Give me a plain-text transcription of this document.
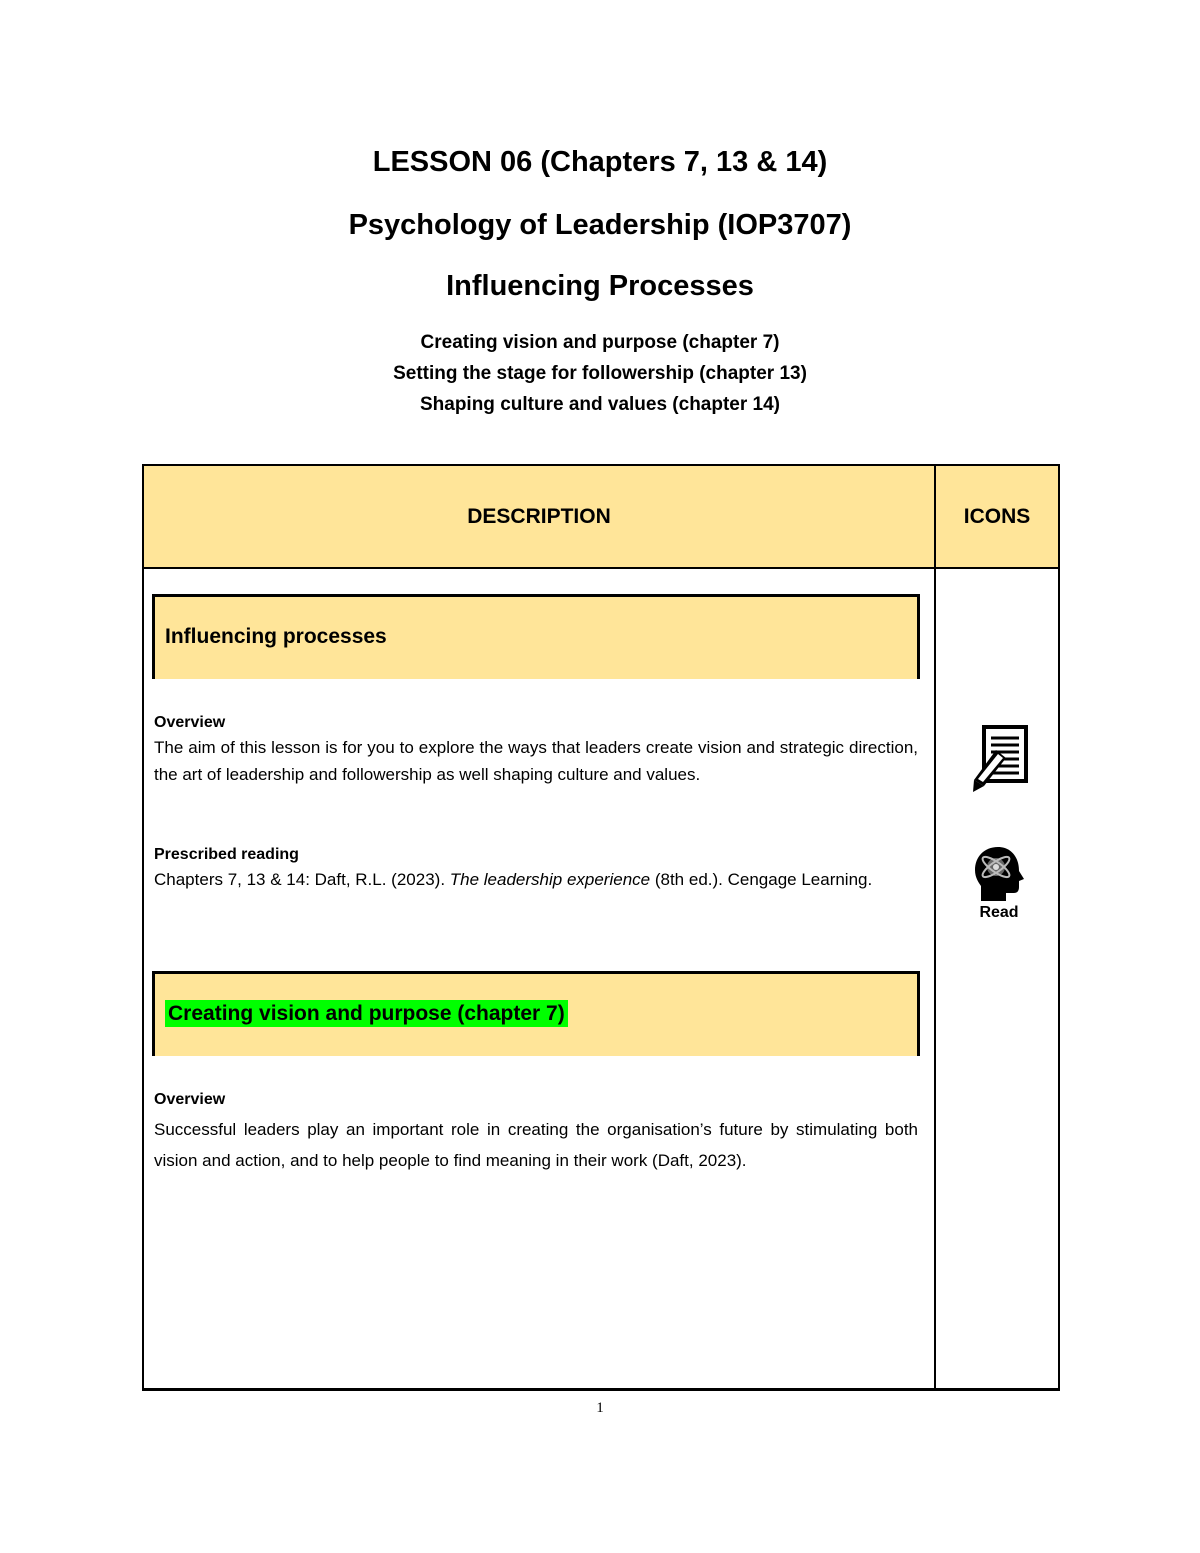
LESSON 06 (Chapters 7, 13 & 14)
Psychology of Leadership (IOP3707)
Influencing Processes
Creating vision and purpose (chapter 7)
Setting the stage for followership (chapter 13)
Shaping culture and values (chapter 14)
DESCRIPTION	ICONS
Influencing processes
Overview
The aim of this lesson is for you to explore the ways that leaders create vision and strategic direction, the art of leadership and followership as well shaping culture and values.
Prescribed reading
Chapters 7, 13 & 14: Daft, R.L. (2023). The leadership experience (8th ed.). Cengage Learning.
Creating vision and purpose (chapter 7)
Overview
Successful leaders play an important role in creating the organisation’s future by stimulating both vision and action, and to help people to find meaning in their work (Daft, 2023).
Read
1
